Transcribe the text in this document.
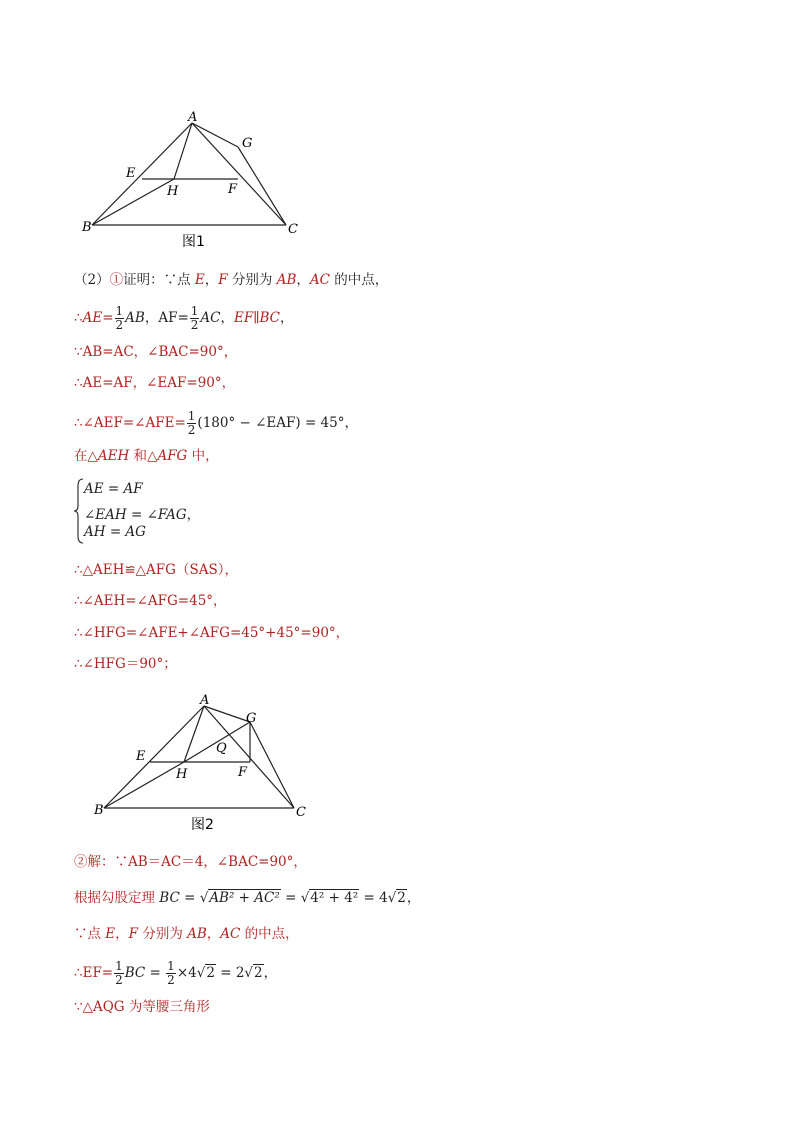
A
G
E
H	F
B	C
图1
（2）①证明：∵点 E，F 分别为 AB，AC 的中点，
∴AE= $\frac{1}{2}$ AB，$AF= \frac{1}{2}$ AC，EF∥BC，
∵AB=AC，∠BAC=90°，
∴AE=AF，∠EAF=90°，
∴∠AEF=∠AFE= $\frac{1}{2} (180^\circ$ − ∠EAF) = 45°，
在△AEH 和△AFG 中，
AE = AF
∠EAH = ∠FAG，
AH = AG
∴△AEH≌△AFG（SAS），
∴∠AEH=∠AFG=45°，
∴∠HFG=∠AFE+∠AFG=45°+45°=90°，
∴∠HFG＝90°；
A
G
E
Q
H	F
B	C
图2
②解：∵AB＝AC＝4，∠BAC=90°，
根据勾股定理 BC = √AB² + AC² = √4² + 4² = 4√2，
∵点 E，F 分别为 AB，AC 的中点，
∴EF= $\frac{1}{2}$ BC = $\frac{1}{2} \times 4√2 = 2√2$，
∵△AQG 为等腰三角形
